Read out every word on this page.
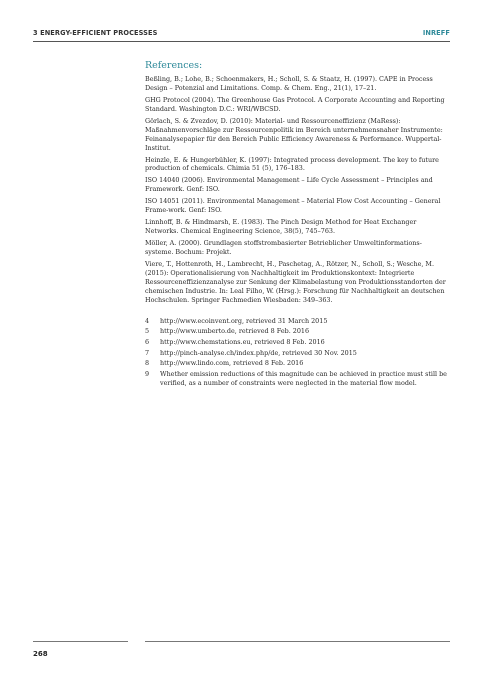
3 ENERGY-EFFICIENT PROCESSES	INREFF
References:

Beßling, B.; Lohe, B.; Schoenmakers, H.; Scholl, S. & Staatz, H. (1997). CAPE in Process Design – Potenzial and Limitations. Comp. & Chem. Eng., 21(1), 17–21.

GHG Protocol (2004). The Greenhouse Gas Protocol. A Corporate Accounting and Reporting Standard. Washington D.C.: WRI/WBCSD.

Görlach, S. & Zvezdov, D. (2010): Material- und Ressourceneffizienz (MaRess): Maßnahmenvorschläge zur Ressourcenpolitik im Bereich unternehmensnaher Instrumente: Feinanalysepapier für den Bereich Public Efficiency Awareness & Performance. Wuppertal-Institut.

Heinzle, E. & Hungerbühler, K. (1997): Integrated process development. The key to future production of chemicals. Chimia 51 (5), 176–183.

ISO 14040 (2006). Environmental Management – Life Cycle Assessment – Principles and Framework. Genf: ISO.

ISO 14051 (2011). Environmental Management – Material Flow Cost Accounting – General Frame-work. Genf: ISO.

Linnhoff, B. & Hindmarsh, E. (1983). The Pinch Design Method for Heat Exchanger Networks. Chemical Engineering Science, 38(5), 745–763.

Möller, A. (2000). Grundlagen stoffstrombasierter Betrieblicher Umweltinformations-systeme. Bochum: Projekt.

Viere, T., Hottenroth, H., Lambrecht, H., Paschetag, A., Rötzer, N., Scholl, S.; Wesche, M. (2015): Operationalisierung von Nachhaltigkeit im Produktionskontext: Integrierte Ressourceneffizienzanalyse zur Senkung der Klimabelastung von Produktionsstandorten der chemischen Industrie. In: Leal Filho, W. (Hrsg.): Forschung für Nachhaltigkeit an deutschen Hochschulen. Springer Fachmedien Wiesbaden: 349–363.

4 http://www.ecoinvent.org, retrieved 31 March 2015
5 http://www.umberto.de, retrieved 8 Feb. 2016
6 http://www.chemstations.eu, retrieved 8 Feb. 2016
7 http://pinch-analyse.ch/index.php/de, retrieved 30 Nov. 2015
8 http://www.lindo.com, retrieved 8 Feb. 2016
9 Whether emission reductions of this magnitude can be achieved in practice must still be verified, as a number of constraints were neglected in the material flow model.
268
